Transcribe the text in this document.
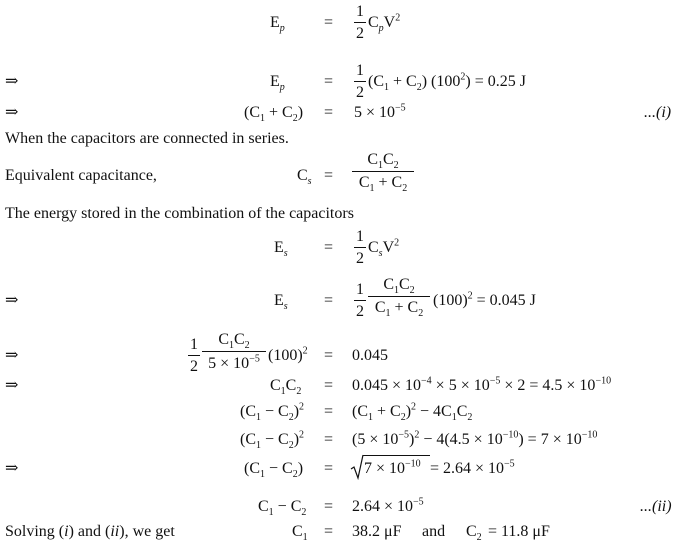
$E_p$ =
1
2
$C_pV^2$
⇒	$E_p$ =
1
2
$(C_1 + C_2) (100^2) = 0.25$ J
⇒	$(C_1 + C_2) = 5 \times 10^{-5}$	...(i)
When the capacitors are connected in series.
Equivalent capacitance,	$C_s$ =
$C_1C_2$
$C_1 + C_2$
The energy stored in the combination of the capacitors
$E_s$ =
1
2
$C_sV^2$
⇒	$E_s$ =
1
2
$C_1C_2$
$C_1 + C_2$
$(100)^2 = 0.045$ J
⇒
1
2
$C_1C_2$
$5 \times 10^{-5}$ $(100)^2 = 0.045$
⇒	$C_1C_2 = 0.045 \times 10^{-4} \times 5 \times 10^{-5} \times 2 = 4.5 \times 10^{-10}$
$(C_1 - C_2)^2 = (C_1 + C_2)^2 - 4C_1C_2$
$(C_1 - C_2)^2 = (5 \times 10^{-5})^2 - 4(4.5 \times 10^{-10}) = 7 \times 10^{-10}$
⇒	$(C_1 - C_2) = 7 \times 10^{-10} = 2.64 \times 10^{-5}$
$C_1 - C_2 = 2.64 \times 10^{-5}$	...(ii)
Solving (i) and (ii), we get	$C_1 = 38.2$ μF and $C_2 = 11.8$ μF
